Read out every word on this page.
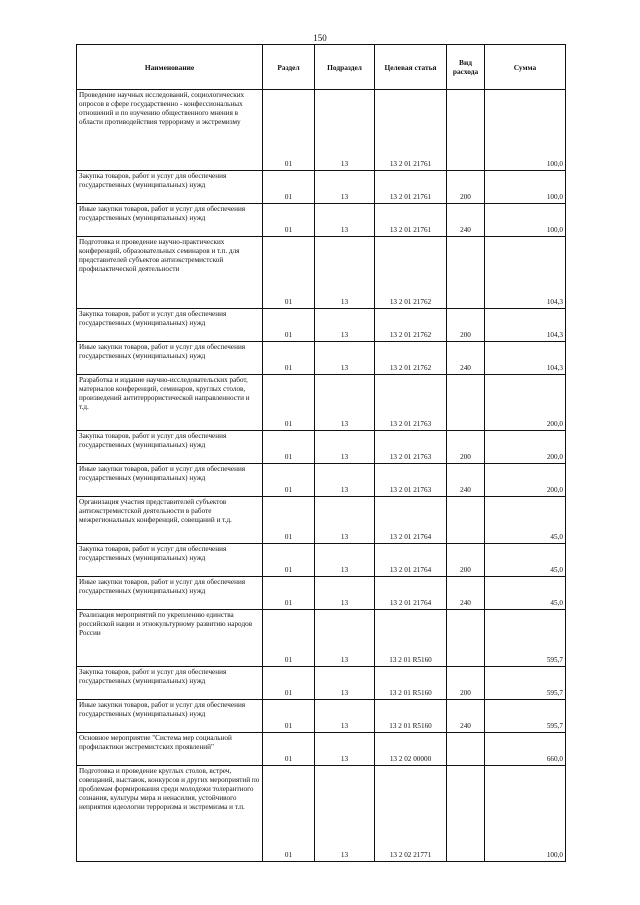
150
Наименование	Раздел	Подраздел	Целевая статья	Вид расхода	Сумма
Проведение научных исследований, социологических опросов в сфере государственно - конфессиональных отношений и по изучению общественного мнения в области противодействия терроризму и экстремизму	01	13	13 2 01 21761		100,0
Закупка товаров, работ и услуг для обеспечения государственных (муниципальных) нужд	01	13	13 2 01 21761	200	100,0
Иные закупки товаров, работ и услуг для обеспечения государственных (муниципальных) нужд	01	13	13 2 01 21761	240	100,0
Подготовка и проведение научно-практических конференций, образовательных семинаров и т.п. для представителей субъектов антиэкстремистской профилактической деятельности	01	13	13 2 01 21762		104,3
Закупка товаров, работ и услуг для обеспечения государственных (муниципальных) нужд	01	13	13 2 01 21762	200	104,3
Иные закупки товаров, работ и услуг для обеспечения государственных (муниципальных) нужд	01	13	13 2 01 21762	240	104,3
Разработка и издание научно-исследовательских работ, материалов конференций, семинаров, круглых столов, произведений антитеррористической направленности и т.д.	01	13	13 2 01 21763		200,0
Закупка товаров, работ и услуг для обеспечения государственных (муниципальных) нужд	01	13	13 2 01 21763	200	200,0
Иные закупки товаров, работ и услуг для обеспечения государственных (муниципальных) нужд	01	13	13 2 01 21763	240	200,0
Организация участия представителей субъектов антиэкстремистской деятельности в работе межрегиональных конференций, совещаний и т.д.	01	13	13 2 01 21764		45,0
Закупка товаров, работ и услуг для обеспечения государственных (муниципальных) нужд	01	13	13 2 01 21764	200	45,0
Иные закупки товаров, работ и услуг для обеспечения государственных (муниципальных) нужд	01	13	13 2 01 21764	240	45,0
Реализация мероприятий по укреплению единства российской нации и этнокультурному развитию народов России	01	13	13 2 01 R5160		595,7
Закупка товаров, работ и услуг для обеспечения государственных (муниципальных) нужд	01	13	13 2 01 R5160	200	595,7
Иные закупки товаров, работ и услуг для обеспечения государственных (муниципальных) нужд	01	13	13 2 01 R5160	240	595,7
Основное мероприятие "Система мер социальной профилактики экстремистских проявлений"	01	13	13 2 02 00000		660,0
Подготовка и проведение круглых столов, встреч, совещаний, выставок, конкурсов и других мероприятий по проблемам формирования среди молодежи толерантного сознания, культуры мира и ненасилия, устойчивого неприятия идеологии терроризма и экстремизма и т.п.	01	13	13 2 02 21771		100,0
